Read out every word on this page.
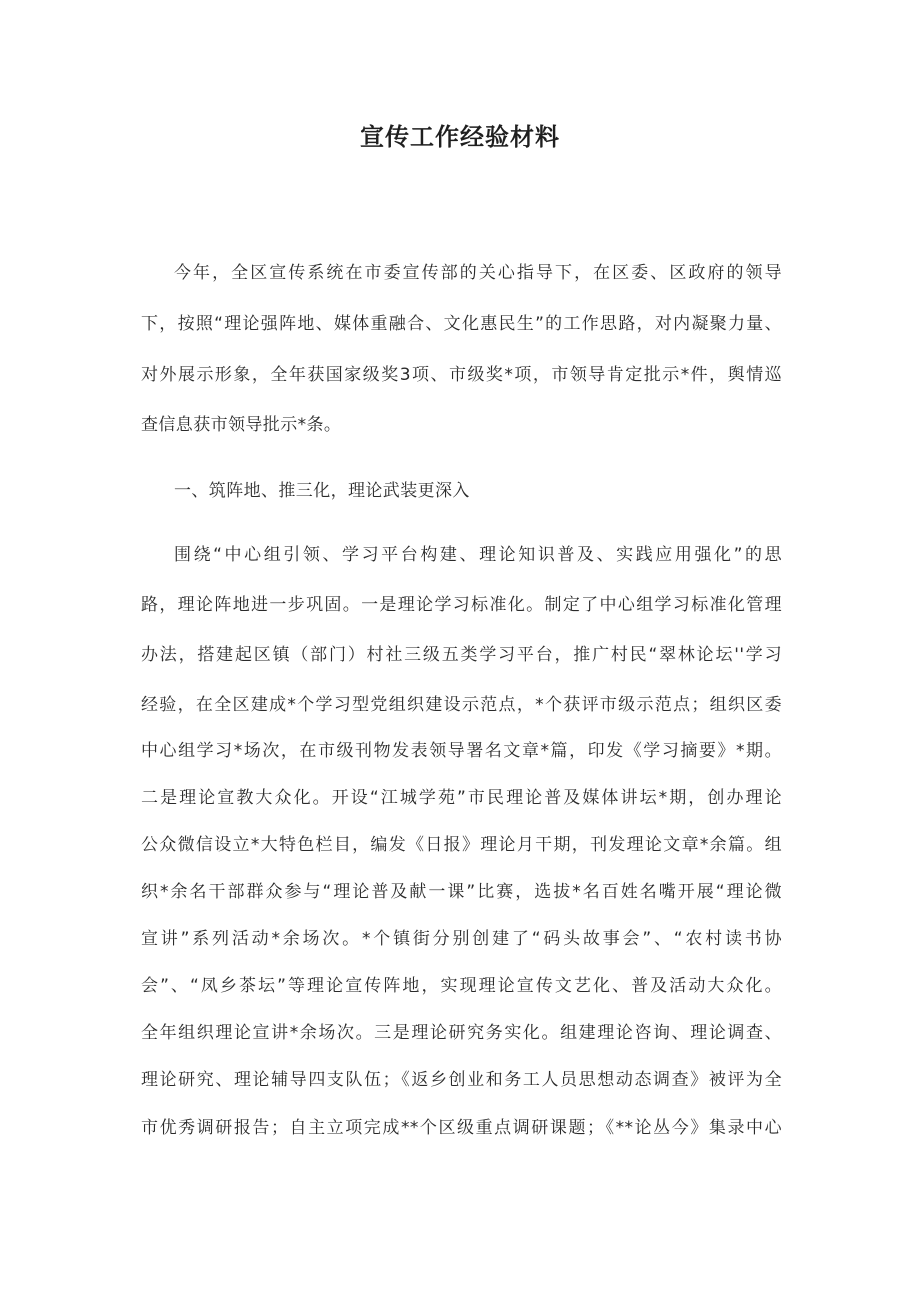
宣传工作经验材料
今年，全区宣传系统在市委宣传部的关心指导下，在区委、区政府的领导
下，按照“理论强阵地、媒体重融合、文化惠民生”的工作思路，对内凝聚力量、
对外展示形象，全年获国家级奖3项、市级奖*项，市领导肯定批示*件，舆情巡
查信息获市领导批示*条。
一、筑阵地、推三化，理论武装更深入
围绕“中心组引领、学习平台构建、理论知识普及、实践应用强化”的思
路，理论阵地进一步巩固。一是理论学习标准化。制定了中心组学习标准化管理
办法，搭建起区镇（部门）村社三级五类学习平台，推广村民“翠林论坛''学习
经验，在全区建成*个学习型党组织建设示范点，*个获评市级示范点；组织区委
中心组学习*场次，在市级刊物发表领导署名文章*篇，印发《学习摘要》*期。
二是理论宣教大众化。开设“江城学苑”市民理论普及媒体讲坛*期，创办理论
公众微信设立*大特色栏目，编发《日报》理论月干期，刊发理论文章*余篇。组
织*余名干部群众参与“理论普及献一课”比赛，选拔*名百姓名嘴开展“理论微
宣讲”系列活动*余场次。*个镇街分别创建了“码头故事会”、“农村读书协
会”、“凤乡茶坛”等理论宣传阵地，实现理论宣传文艺化、普及活动大众化。
全年组织理论宣讲*余场次。三是理论研究务实化。组建理论咨询、理论调查、
理论研究、理论辅导四支队伍；《返乡创业和务工人员思想动态调查》被评为全
市优秀调研报告；自主立项完成**个区级重点调研课题；《**论丛今》集录中心
